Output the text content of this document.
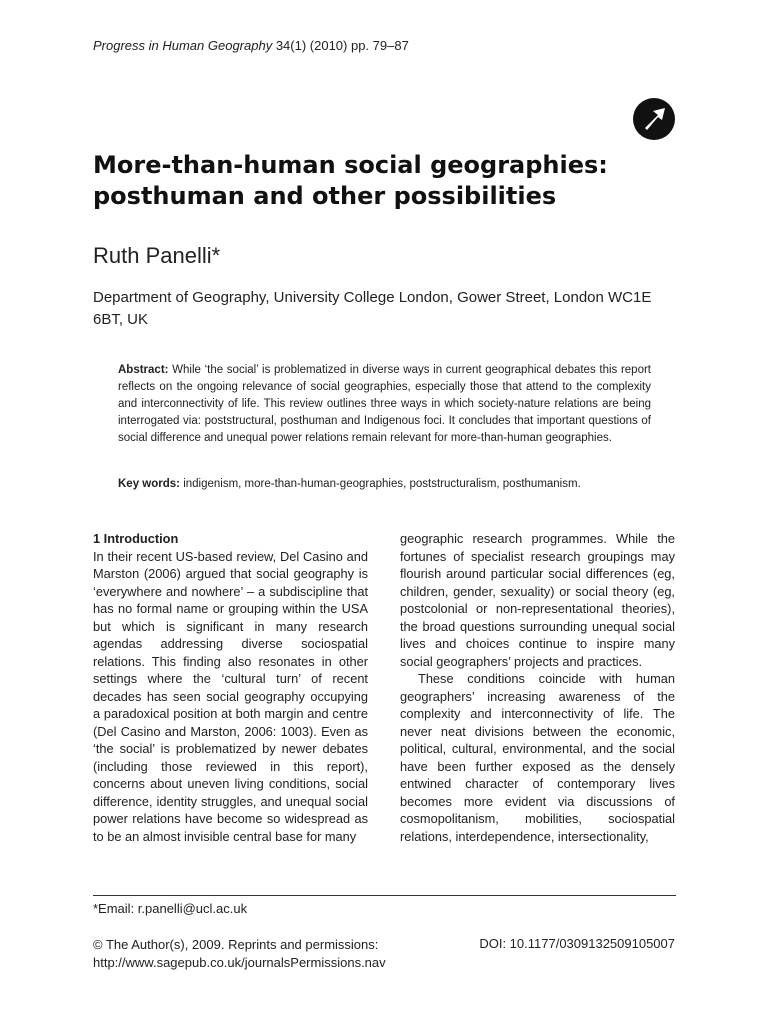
Progress in Human Geography 34(1) (2010) pp. 79–87
More-than-human social geographies: posthuman and other possibilities
Ruth Panelli*
Department of Geography, University College London, Gower Street, London WC1E 6BT, UK
Abstract: While ‘the social’ is problematized in diverse ways in current geographical debates this report reflects on the ongoing relevance of social geographies, especially those that attend to the complexity and interconnectivity of life. This review outlines three ways in which society-nature relations are being interrogated via: poststructural, posthuman and Indigenous foci. It concludes that important questions of social difference and unequal power relations remain relevant for more-than-human geographies.
Key words: indigenism, more-than-human-geographies, poststructuralism, posthumanism.

1 Introduction

In their recent US-based review, Del Casino and Marston (2006) argued that social geography is ‘everywhere and nowhere’ – a subdiscipline that has no formal name or grouping within the USA but which is significant in many research agendas addressing diverse sociospatial relations. This finding also resonates in other settings where the ‘cultural turn’ of recent decades has seen social geography occupying a paradoxical position at both margin and centre (Del Casino and Marston, 2006: 1003). Even as ‘the social’ is problematized by newer debates (including those reviewed in this report), concerns about uneven living conditions, social difference, identity struggles, and unequal social power relations have become so widespread as to be an almost invisible central base for many

geographic research programmes. While the fortunes of specialist research groupings may flourish around particular social differences (eg, children, gender, sexuality) or social theory (eg, postcolonial or non-representational theories), the broad questions surrounding unequal social lives and choices continue to inspire many social geographers’ projects and practices.

These conditions coincide with human geographers’ increasing awareness of the complexity and interconnectivity of life. The never neat divisions between the economic, political, cultural, environmental, and the social have been further exposed as the densely entwined character of contemporary lives becomes more evident via discussions of cosmopolitanism, mobilities, sociospatial relations, interdependence, intersectionality,

*Email: r.panelli@ucl.ac.uk
© The Author(s), 2009. Reprints and permissions:
http://www.sagepub.co.uk/journalsPermissions.nav
DOI: 10.1177/0309132509105007
